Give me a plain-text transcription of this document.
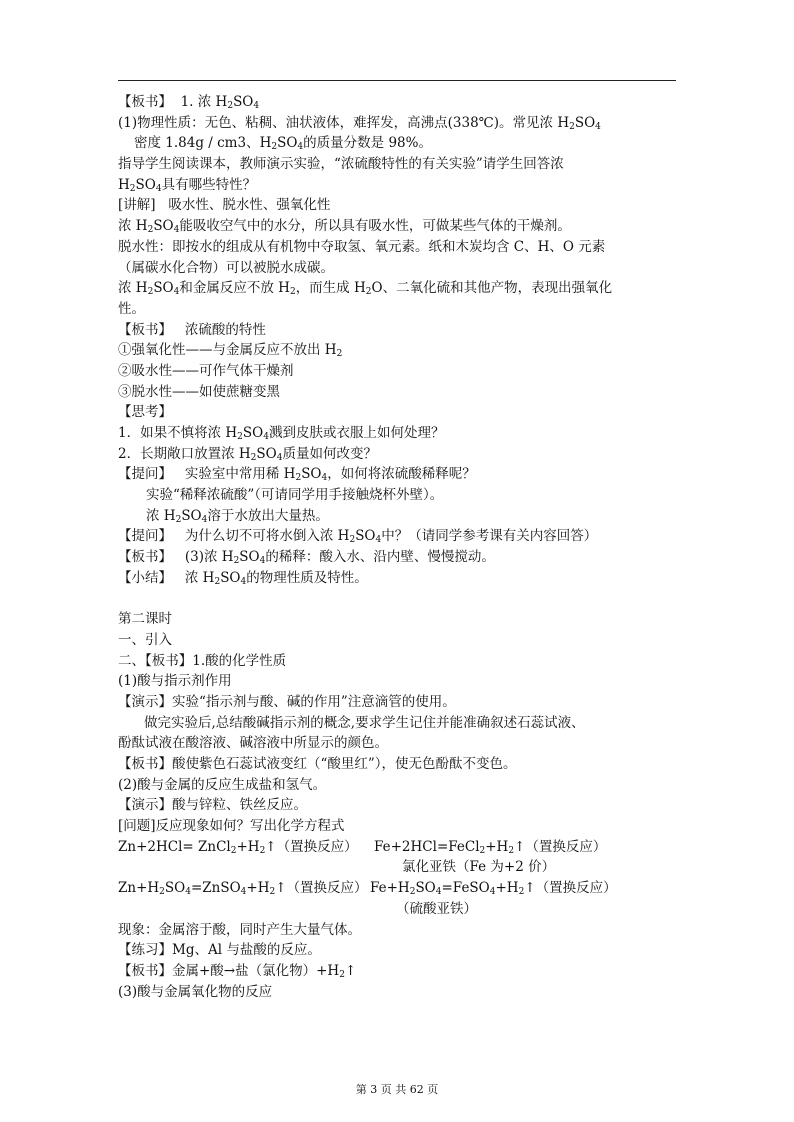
【板书】  1. 浓 $H_2SO_4$
(1)物理性质：无色、粘稠、油状液体，难挥发，高沸点(338℃)。常见浓 $H_2SO_4$
密度 1.84g / cm3、$H_2SO_4$的质量分数是 98%。
指导学生阅读课本，教师演示实验，“浓硫酸特性的有关实验”请学生回答浓
$H_2SO_4$具有哪些特性？
[讲解]   吸水性、脱水性、强氧化性
浓 $H_2SO_4$能吸收空气中的水分，所以具有吸水性，可做某些气体的干燥剂。
脱水性：即按水的组成从有机物中夺取氢、氧元素。纸和木炭均含 C、H、O 元素
（属碳水化合物）可以被脱水成碳。
浓 $H_2SO_4$和金属反应不放 $H_2$，而生成 $H_2O$、二氧化硫和其他产物，表现出强氧化
性。
【板书】   浓硫酸的特性
①强氧化性——与金属反应不放出 $H_2$
②吸水性——可作气体干燥剂
③脱水性——如使蔗糖变黑
【思考】
1．如果不慎将浓 $H_2SO_4$溅到皮肤或衣服上如何处理？
2．长期敞口放置浓 $H_2SO_4$质量如何改变？
【提问】   实验室中常用稀 $H_2SO_4$，如何将浓硫酸稀释呢？
实验“稀释浓硫酸”（可请同学用手接触烧杯外壁）。
浓 $H_2SO_4$溶于水放出大量热。
【提问】   为什么切不可将水倒入浓 $H_2SO_4$中？（请同学参考课有关内容回答）
【板书】   (3)浓 $H_2SO_4$的稀释：酸入水、沿内壁、慢慢搅动。
【小结】   浓 $H_2SO_4$的物理性质及特性。
第二课时
一、引入
二、【板书】1.酸的化学性质
(1)酸与指示剂作用
【演示】实验“指示剂与酸、碱的作用”注意滴管的使用。
做完实验后,总结酸碱指示剂的概念,要求学生记住并能准确叙述石蕊试液、
酚酞试液在酸溶液、碱溶液中所显示的颜色。
【板书】酸使紫色石蕊试液变红（“酸里红”），使无色酚酞不变色。
(2)酸与金属的反应生成盐和氢气。
【演示】酸与锌粒、铁丝反应。
[问题]反应现象如何？写出化学方程式
$Zn+2HCl= ZnCl_2+H_2↑$（置换反应） $Fe+2HCl=FeCl_2+H_2↑$（置换反应）
氯化亚铁（Fe 为+2 价）
$Zn+H_2SO_4=ZnSO_4+H_2↑$（置换反应） $Fe+H_2SO_4=FeSO_4+H_2↑$（置换反应）
（硫酸亚铁）
现象：金属溶于酸，同时产生大量气体。
【练习】Mg、Al 与盐酸的反应。
【板书】金属+酸→盐（氯化物）$+H_2↑$
(3)酸与金属氧化物的反应
第 3 页 共 62 页
